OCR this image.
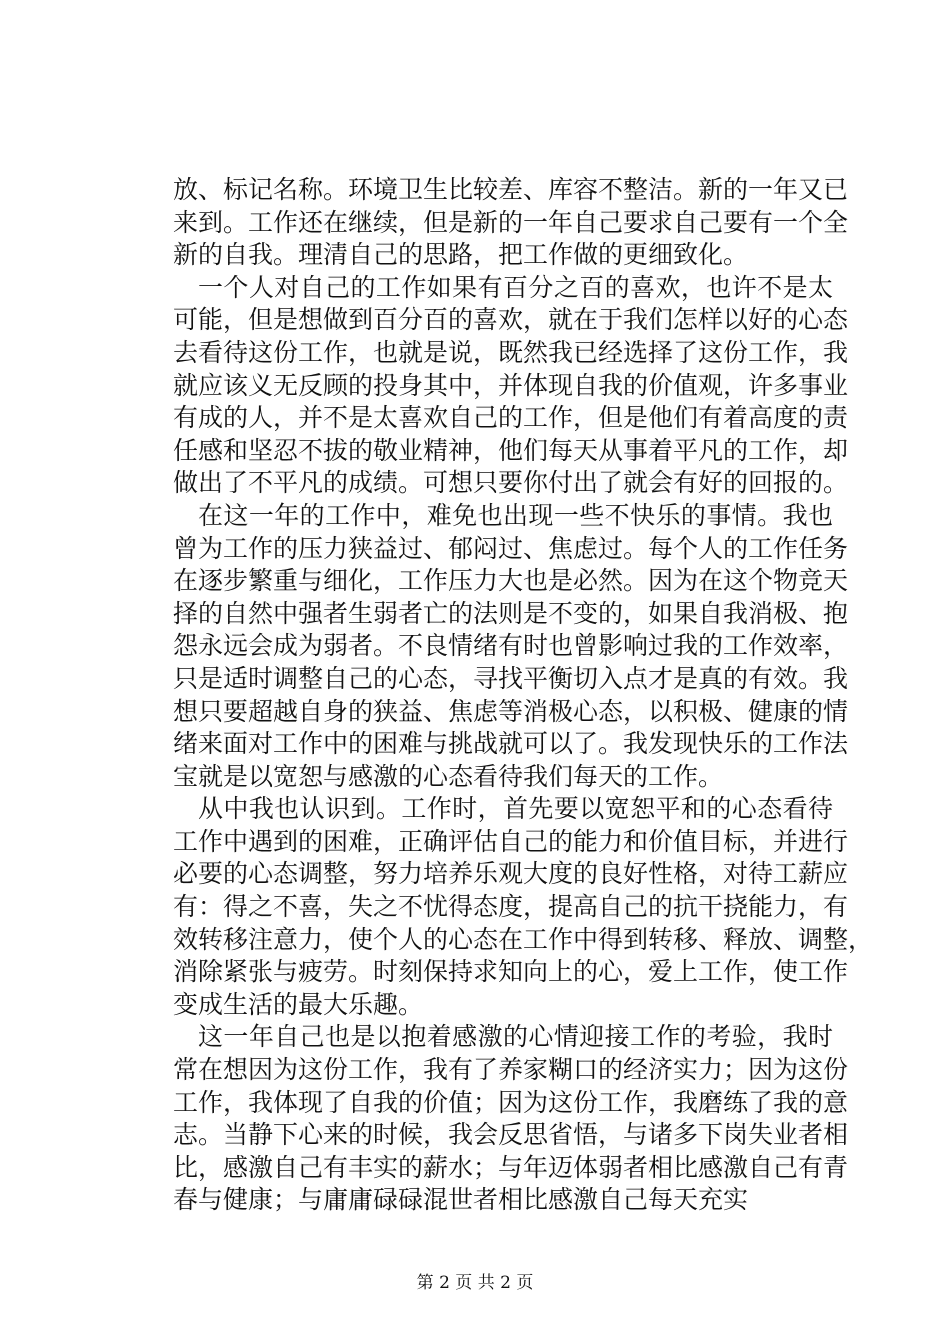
放、标记名称。环境卫生比较差、库容不整洁。新的一年又已
来到。工作还在继续，但是新的一年自己要求自己要有一个全
新的自我。理清自己的思路，把工作做的更细致化。
一个人对自己的工作如果有百分之百的喜欢，也许不是太
可能，但是想做到百分百的喜欢，就在于我们怎样以好的心态
去看待这份工作，也就是说，既然我已经选择了这份工作，我
就应该义无反顾的投身其中，并体现自我的价值观，许多事业
有成的人，并不是太喜欢自己的工作，但是他们有着高度的责
任感和坚忍不拔的敬业精神，他们每天从事着平凡的工作，却
做出了不平凡的成绩。可想只要你付出了就会有好的回报的。
在这一年的工作中，难免也出现一些不快乐的事情。我也
曾为工作的压力狭益过、郁闷过、焦虑过。每个人的工作任务
在逐步繁重与细化，工作压力大也是必然。因为在这个物竞天
择的自然中强者生弱者亡的法则是不变的，如果自我消极、抱
怨永远会成为弱者。不良情绪有时也曾影响过我的工作效率，
只是适时调整自己的心态，寻找平衡切入点才是真的有效。我
想只要超越自身的狭益、焦虑等消极心态，以积极、健康的情
绪来面对工作中的困难与挑战就可以了。我发现快乐的工作法
宝就是以宽恕与感激的心态看待我们每天的工作。
从中我也认识到。工作时，首先要以宽恕平和的心态看待
工作中遇到的困难，正确评估自己的能力和价值目标，并进行
必要的心态调整，努力培养乐观大度的良好性格，对待工薪应
有：得之不喜，失之不忧得态度，提高自己的抗干挠能力，有
效转移注意力，使个人的心态在工作中得到转移、释放、调整，
消除紧张与疲劳。时刻保持求知向上的心，爱上工作，使工作
变成生活的最大乐趣。
这一年自己也是以抱着感激的心情迎接工作的考验，我时
常在想因为这份工作，我有了养家糊口的经济实力；因为这份
工作，我体现了自我的价值；因为这份工作，我磨练了我的意
志。当静下心来的时候，我会反思省悟，与诸多下岗失业者相
比，感激自己有丰实的薪水；与年迈体弱者相比感激自己有青
春与健康；与庸庸碌碌混世者相比感激自己每天充实
第 2 页 共 2 页
